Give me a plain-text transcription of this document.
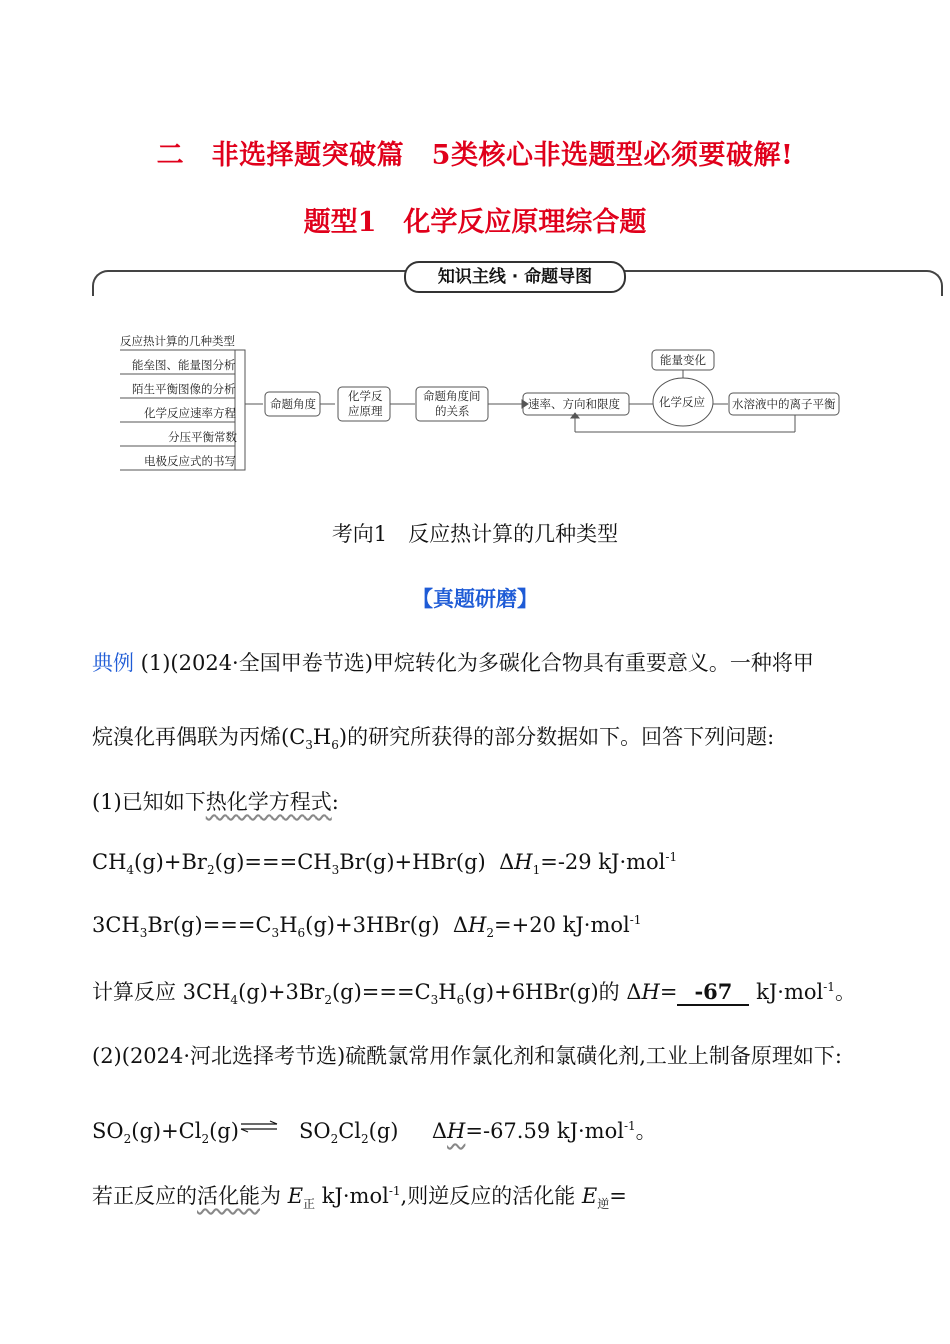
二　非选择题突破篇　5类核心非选题型必须要破解!
题型1　化学反应原理综合题
知识主线 · 命题导图
反应热计算的几种类型
能垒图、能量图分析
陌生平衡图像的分析
化学反应速率方程
分压平衡常数
电极反应式的书写
命题角度
化学反
应原理
命题角度间
的关系	速率、方向和限度	化学反应
能量变化
水溶液中的离子平衡
考向1　反应热计算的几种类型
【真题研磨】
典例 (1)(2024·全国甲卷节选)甲烷转化为多碳化合物具有重要意义。一种将甲
烷溴化再偶联为丙烯$(C_3H_6)$的研究所获得的部分数据如下。回答下列问题:
(1)已知如下热化学方程式:
$CH_4(g)+Br_2(g)===CH_3Br(g)+HBr(g)$  $\Delta H_1=-29$ kJ·mol$^{-1}$
$3CH_3Br(g)===C_3H_6(g)+3HBr(g)$  $\Delta H_2=+20$ kJ·mol$^{-1}$
计算反应 $3CH_4(g)+3Br_2(g)===C_3H_6(g)+6HBr(g)$的 ΔH= -67 kJ·mol$^{-1}$。
(2)(2024·河北选择考节选)硫酰氯常用作氯化剂和氯磺化剂,工业上制备原理如下:
$SO_2(g)+Cl_2(g)\rightleftharpoons$ $SO_2Cl_2(g)$     ΔH=-67.59 kJ·mol$^{-1}$。
若正反应的活化能为 $E_正$ kJ·mol$^{-1}$,则逆反应的活化能 $E_逆=$
